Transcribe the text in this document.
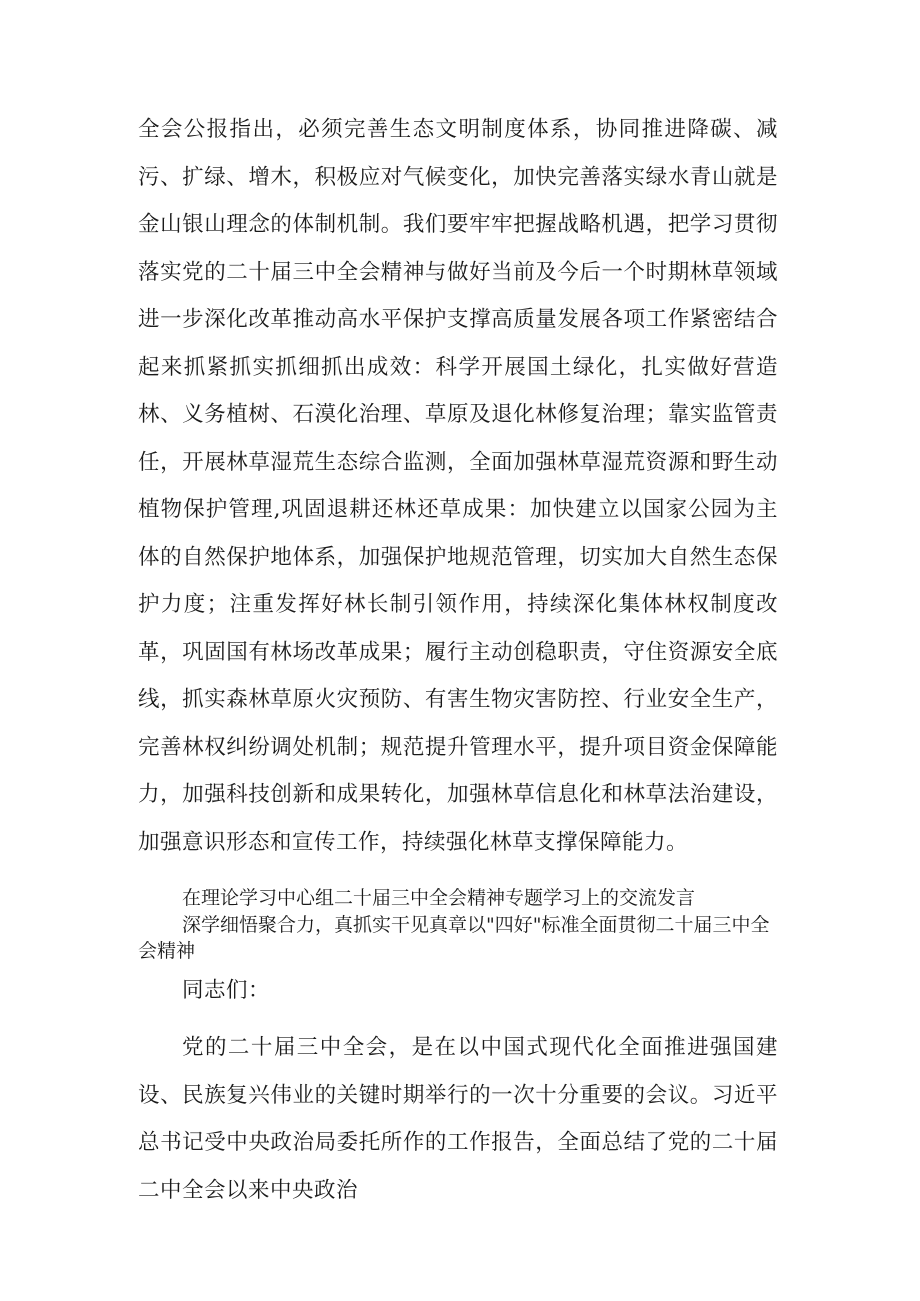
全会公报指出，必须完善生态文明制度体系，协同推进降碳、减污、扩绿、增木，积极应对气候变化，加快完善落实绿水青山就是金山银山理念的体制机制。我们要牢牢把握战略机遇，把学习贯彻落实党的二十届三中全会精神与做好当前及今后一个时期林草领域进一步深化改革推动高水平保护支撑高质量发展各项工作紧密结合起来抓紧抓实抓细抓出成效：科学开展国土绿化，扎实做好营造林、义务植树、石漠化治理、草原及退化林修复治理；靠实监管责任，开展林草湿荒生态综合监测，全面加强林草湿荒资源和野生动植物保护管理,巩固退耕还林还草成果：加快建立以国家公园为主体的自然保护地体系，加强保护地规范管理，切实加大自然生态保护力度；注重发挥好林长制引领作用，持续深化集体林权制度改革，巩固国有林场改革成果；履行主动创稳职责，守住资源安全底线，抓实森林草原火灾预防、有害生物灾害防控、行业安全生产，完善林权纠纷调处机制；规范提升管理水平，提升项目资金保障能力，加强科技创新和成果转化，加强林草信息化和林草法治建设，加强意识形态和宣传工作，持续强化林草支撑保障能力。

在理论学习中心组二十届三中全会精神专题学习上的交流发言

深学细悟聚合力，真抓实干见真章以"四好"标准全面贯彻二十届三中全会精神

同志们：

党的二十届三中全会，是在以中国式现代化全面推进强国建设、民族复兴伟业的关键时期举行的一次十分重要的会议。习近平总书记受中央政治局委托所作的工作报告，全面总结了党的二十届二中全会以来中央政治
